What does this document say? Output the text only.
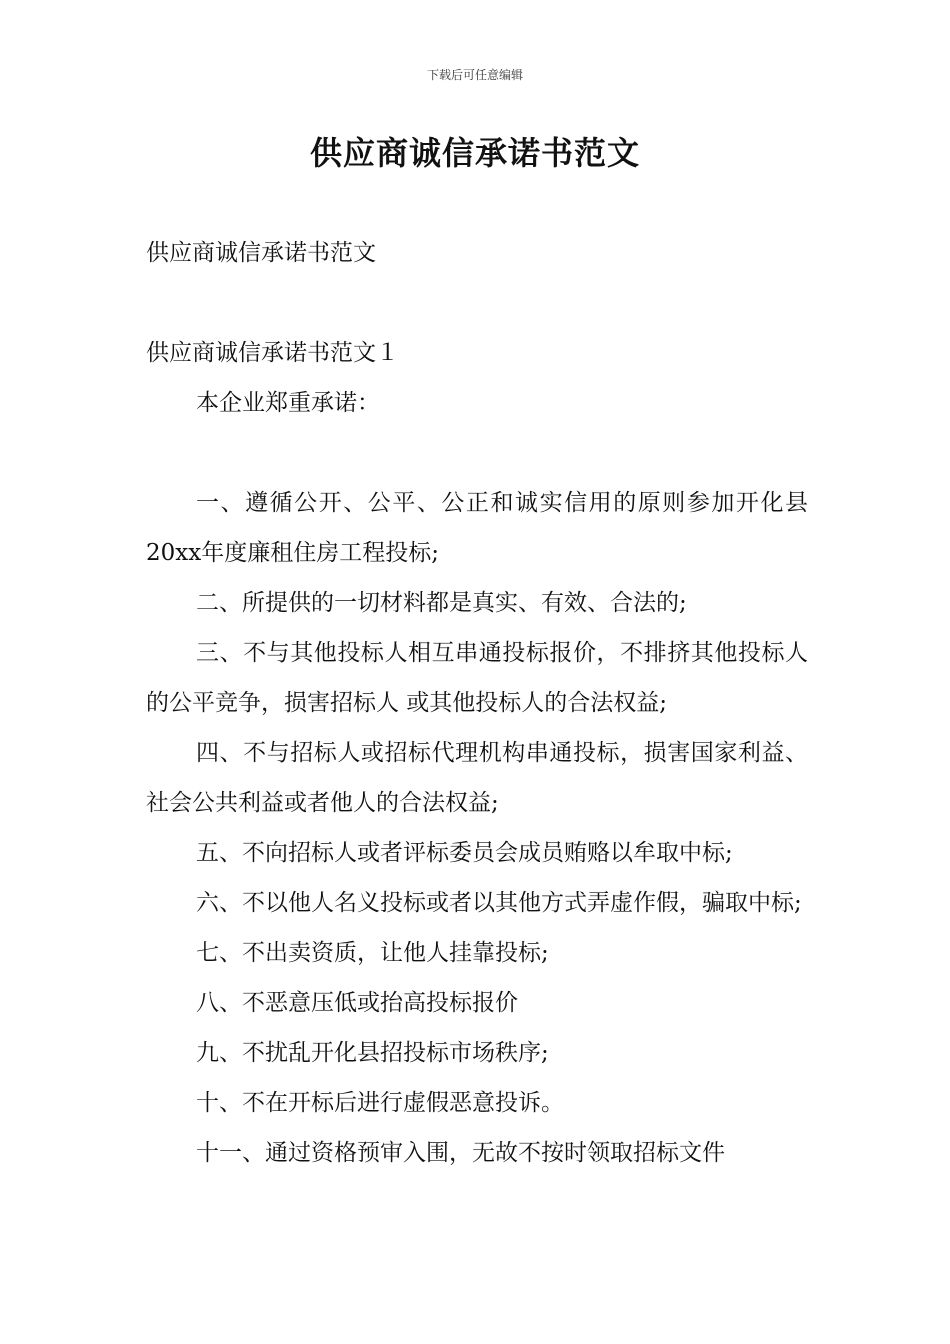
下载后可任意编辑
供应商诚信承诺书范文

供应商诚信承诺书范文

供应商诚信承诺书范文１

本企业郑重承诺：

一、遵循公开、公平、公正和诚实信用的原则参加开化县20xx年度廉租住房工程投标;

二、所提供的一切材料都是真实、有效、合法的;

三、不与其他投标人相互串通投标报价，不排挤其他投标人的公平竞争，损害招标人 或其他投标人的合法权益;

四、不与招标人或招标代理机构串通投标，损害国家利益、社会公共利益或者他人的合法权益;

五、不向招标人或者评标委员会成员贿赂以牟取中标;

六、不以他人名义投标或者以其他方式弄虚作假，骗取中标;

七、不出卖资质，让他人挂靠投标;

八、不恶意压低或抬高投标报价

九、不扰乱开化县招投标市场秩序;

十、不在开标后进行虚假恶意投诉。

十一、通过资格预审入围，无故不按时领取招标文件
